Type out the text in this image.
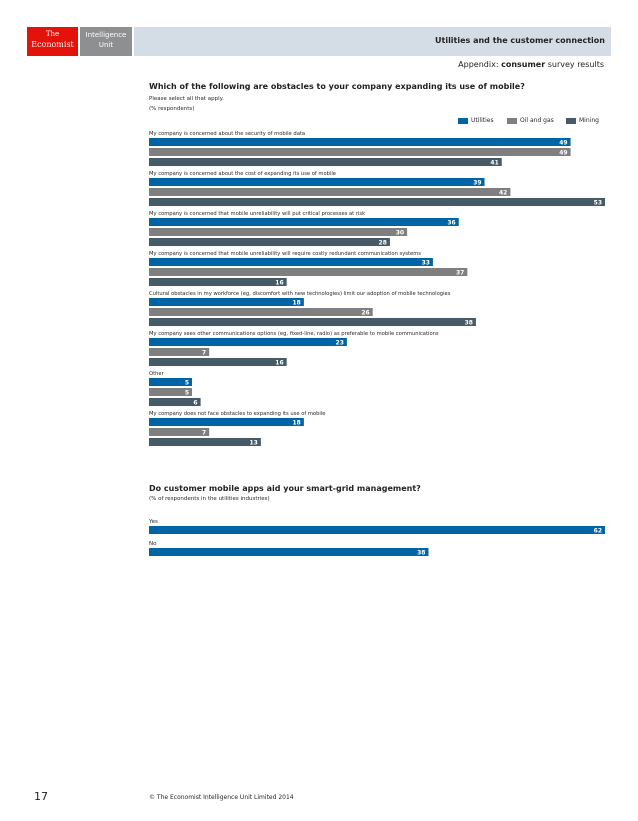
The
Economist
Intelligence
Unit	Utilities and the customer connection
Appendix: consumer survey results
Which of the following are obstacles to your company expanding its use of mobile?
Please select all that apply.
(% respondents)
Utilities	Oil and gas	Mining
My company is concerned about the security of mobile data
49
49
41
My company is concerned about the cost of expanding its use of mobile
39
42
53
My company is concerned that mobile unreliability will put critical processes at risk
36
30
28
My company is concerned that mobile unreliability will require costly redundant communication systems
33
37
16
Cultural obstacles in my workforce (eg, discomfort with new technologies) limit our adoption of mobile technologies
18
26
38
My company sees other communications options (eg, fixed-line, radio) as preferable to mobile communications
23
7
16
Other
5
5
6
My company does not face obstacles to expanding its use of mobile
18
7
13
Do customer mobile apps aid your smart-grid management?
(% of respondents in the utilities industries)
Yes
62
No
38
17	© The Economist Intelligence Unit Limited 2014
